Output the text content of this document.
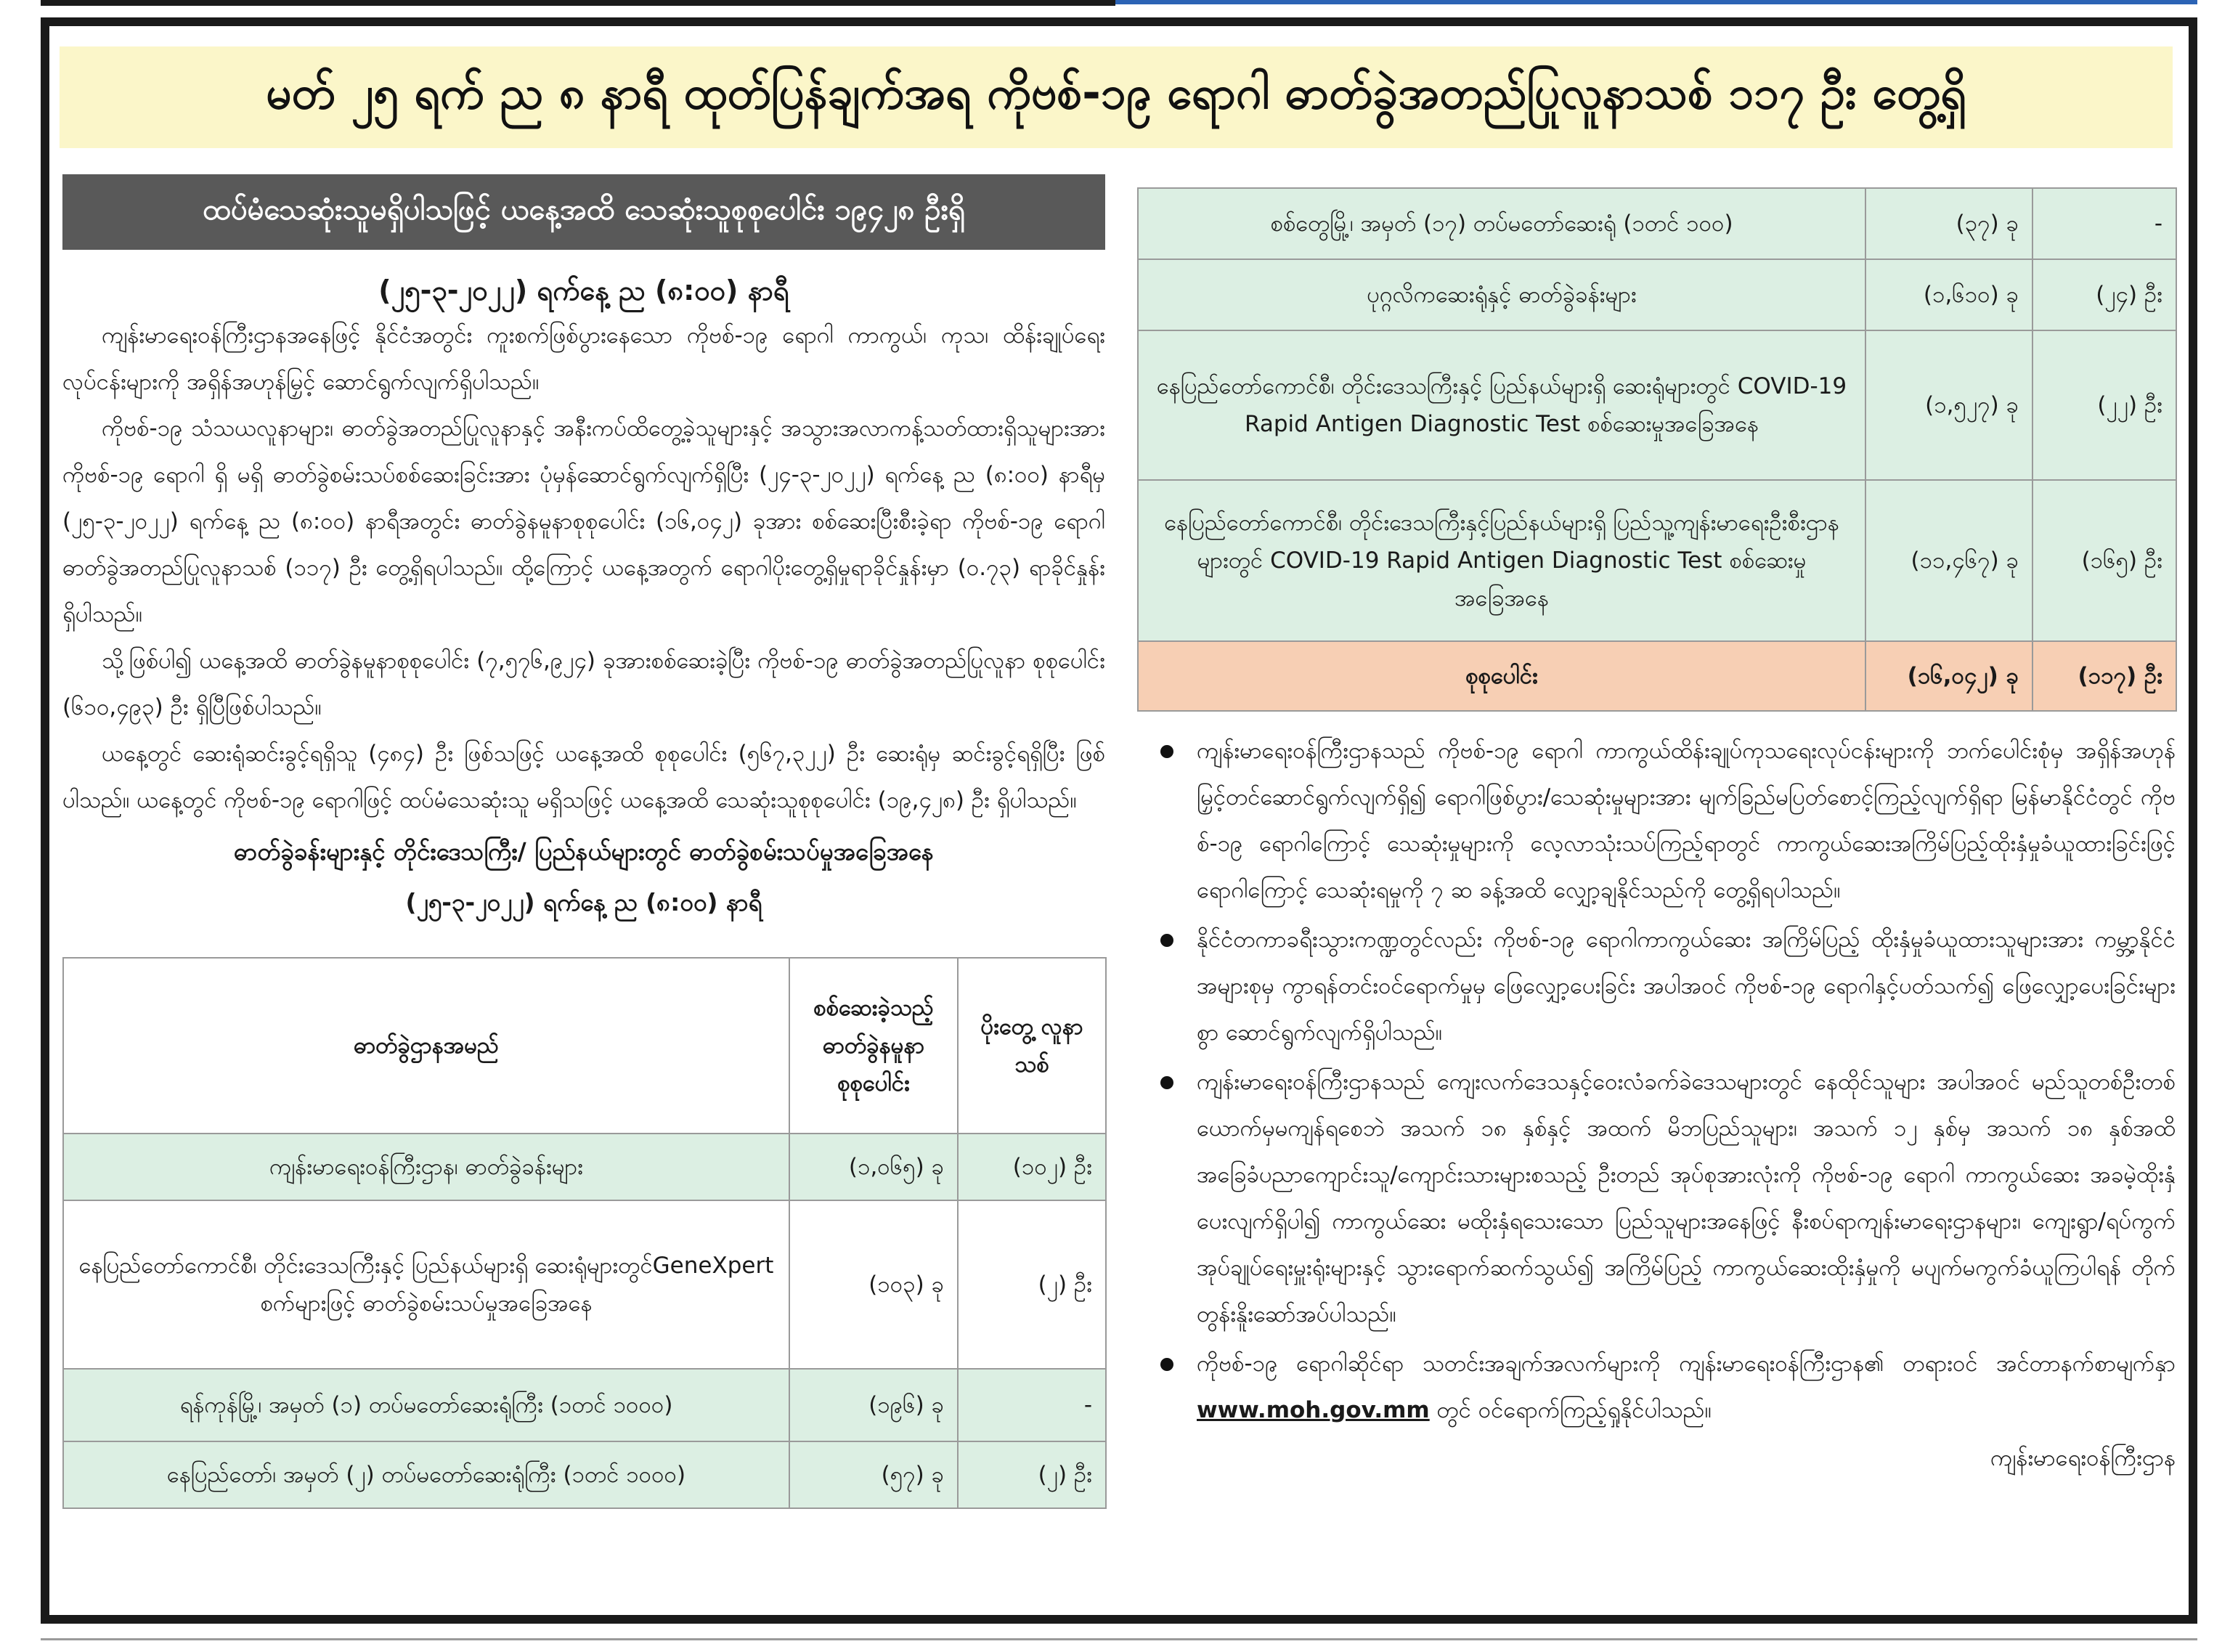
မတ် ၂၅ ရက် ည ၈ နာရီ ထုတ်ပြန်ချက်အရ ကိုဗစ်-၁၉ ရောဂါ ဓာတ်ခွဲအတည်ပြုလူနာသစ် ၁၁၇ ဦး တွေ့ရှိ
ထပ်မံသေဆုံးသူမရှိပါသဖြင့် ယနေ့အထိ သေဆုံးသူစုစုပေါင်း ၁၉၄၂၈ ဦးရှိ
(၂၅-၃-၂၀၂၂) ရက်နေ့ ည (၈:၀၀) နာရီ

ကျန်းမာရေးဝန်ကြီးဌာနအနေဖြင့် နိုင်ငံအတွင်း ကူးစက်ဖြစ်ပွားနေသော ကိုဗစ်-၁၉ ရောဂါ ကာကွယ်၊ ကုသ၊ ထိန်းချုပ်ရေးလုပ်ငန်းများကို အရှိန်အဟုန်မြှင့် ဆောင်ရွက်လျက်ရှိပါသည်။

ကိုဗစ်-၁၉ သံသယလူနာများ၊ ဓာတ်ခွဲအတည်ပြုလူနာနှင့် အနီးကပ်ထိတွေ့ခဲ့သူများနှင့် အသွားအလာကန့်သတ်ထားရှိသူများအား ကိုဗစ်-၁၉ ရောဂါ ရှိ မရှိ ဓာတ်ခွဲစမ်းသပ်စစ်ဆေးခြင်းအား ပုံမှန်ဆောင်ရွက်လျက်ရှိပြီး (၂၄-၃-၂၀၂၂) ရက်နေ့ ည (၈:၀၀) နာရီမှ (၂၅-၃-၂၀၂၂) ရက်နေ့ ည (၈:၀၀) နာရီအတွင်း ဓာတ်ခွဲနမူနာစုစုပေါင်း (၁၆,၀၄၂) ခုအား စစ်ဆေးပြီးစီးခဲ့ရာ ကိုဗစ်-၁၉ ရောဂါ ဓာတ်ခွဲအတည်ပြုလူနာသစ် (၁၁၇) ဦး တွေ့ရှိရပါသည်။ ထို့ကြောင့် ယနေ့အတွက် ရောဂါပိုးတွေ့ရှိမှုရာခိုင်နှုန်းမှာ (၀.၇၃) ရာခိုင်နှုန်း ရှိပါသည်။

သို့ဖြစ်ပါ၍ ယနေ့အထိ ဓာတ်ခွဲနမူနာစုစုပေါင်း (၇,၅၇၆,၉၂၄) ခုအားစစ်ဆေးခဲ့ပြီး ကိုဗစ်-၁၉ ဓာတ်ခွဲအတည်ပြုလူနာ စုစုပေါင်း (၆၁၀,၄၉၃) ဦး ရှိပြီဖြစ်ပါသည်။

ယနေ့တွင် ဆေးရုံဆင်းခွင့်ရရှိသူ (၄၈၄) ဦး ဖြစ်သဖြင့် ယနေ့အထိ စုစုပေါင်း (၅၆၇,၃၂၂) ဦး ဆေးရုံမှ ဆင်းခွင့်ရရှိပြီး ဖြစ်ပါသည်။ ယနေ့တွင် ကိုဗစ်-၁၉ ရောဂါဖြင့် ထပ်မံသေဆုံးသူ မရှိသဖြင့် ယနေ့အထိ သေဆုံးသူစုစုပေါင်း (၁၉,၄၂၈) ဦး ရှိပါသည်။

ဓာတ်ခွဲခန်းများနှင့် တိုင်းဒေသကြီး/ ပြည်နယ်များတွင် ဓာတ်ခွဲစမ်းသပ်မှုအခြေအနေ
(၂၅-၃-၂၀၂၂) ရက်နေ့ ည (၈:၀၀) နာရီ
ဓာတ်ခွဲဌာနအမည်	စစ်ဆေးခဲ့သည့် ဓာတ်ခွဲနမူနာ စုစုပေါင်း	ပိုးတွေ့ လူနာသစ်
ကျန်းမာရေးဝန်ကြီးဌာန၊ ဓာတ်ခွဲခန်းများ	(၁,၀၆၅) ခု	(၁၀၂) ဦး
နေပြည်တော်ကောင်စီ၊ တိုင်းဒေသကြီးနှင့် ပြည်နယ်များရှိ ဆေးရုံများတွင်GeneXpert စက်များဖြင့် ဓာတ်ခွဲစမ်းသပ်မှုအခြေအနေ	(၁၀၃) ခု	(၂) ဦး
ရန်ကုန်မြို့၊ အမှတ် (၁) တပ်မတော်ဆေးရုံကြီး (၁တင် ၁၀၀၀)	(၁၉၆) ခု	-
နေပြည်တော်၊ အမှတ် (၂) တပ်မတော်ဆေးရုံကြီး (၁တင် ၁၀၀၀)	(၅၇) ခု	(၂) ဦး
စစ်တွေမြို့၊ အမှတ် (၁၇) တပ်မတော်ဆေးရုံ (၁တင် ၁၀၀)	(၃၇) ခု	-
ပုဂ္ဂလိကဆေးရုံနှင့် ဓာတ်ခွဲခန်းများ	(၁,၆၁၀) ခု	(၂၄) ဦး
နေပြည်တော်ကောင်စီ၊ တိုင်းဒေသကြီးနှင့် ပြည်နယ်များရှိ ဆေးရုံများတွင် COVID-19 Rapid Antigen Diagnostic Test စစ်ဆေးမှုအခြေအနေ	(၁,၅၂၇) ခု	(၂၂) ဦး
နေပြည်တော်ကောင်စီ၊ တိုင်းဒေသကြီးနှင့်ပြည်နယ်များရှိ ပြည်သူ့ကျန်းမာရေးဦးစီးဌာနများတွင် COVID-19 Rapid Antigen Diagnostic Test စစ်ဆေးမှုအခြေအနေ	(၁၁,၄၆၇) ခု	(၁၆၅) ဦး
စုစုပေါင်း	(၁၆,၀၄၂) ခု	(၁၁၇) ဦး
ကျန်းမာရေးဝန်ကြီးဌာနသည် ကိုဗစ်-၁၉ ရောဂါ ကာကွယ်ထိန်းချုပ်ကုသရေးလုပ်ငန်းများကို ဘက်ပေါင်းစုံမှ အရှိန်အဟုန်မြှင့်တင်ဆောင်ရွက်လျက်ရှိ၍ ရောဂါဖြစ်ပွား/သေဆုံးမှုများအား မျက်ခြည်မပြတ်စောင့်ကြည့်လျက်ရှိရာ မြန်မာနိုင်ငံတွင် ကိုဗစ်-၁၉ ရောဂါကြောင့် သေဆုံးမှုများကို လေ့လာသုံးသပ်ကြည့်ရာတွင် ကာကွယ်ဆေးအကြိမ်ပြည့်ထိုးနှံမှုခံယူထားခြင်းဖြင့် ရောဂါကြောင့် သေဆုံးရမှုကို ၇ ဆ ခန့်အထိ လျှော့ချနိုင်သည်ကို တွေ့ရှိရပါသည်။
နိုင်ငံတကာခရီးသွားကဏ္ဍတွင်လည်း ကိုဗစ်-၁၉ ရောဂါကာကွယ်ဆေး အကြိမ်ပြည့် ထိုးနှံမှုခံယူထားသူများအား ကမ္ဘာ့နိုင်ငံအများစုမှ ကွာရန်တင်းဝင်ရောက်မှုမှ ဖြေလျှော့ပေးခြင်း အပါအဝင် ကိုဗစ်-၁၉ ရောဂါနှင့်ပတ်သက်၍ ဖြေလျှော့ပေးခြင်းများစွာ ဆောင်ရွက်လျက်ရှိပါသည်။
ကျန်းမာရေးဝန်ကြီးဌာနသည် ကျေးလက်ဒေသနှင့်ဝေးလံခက်ခဲဒေသများတွင် နေထိုင်သူများ အပါအဝင် မည်သူတစ်ဦးတစ်ယောက်မှမကျန်ရစေဘဲ အသက် ၁၈ နှစ်နှင့် အထက် မိဘပြည်သူများ၊ အသက် ၁၂ နှစ်မှ အသက် ၁၈ နှစ်အထိ အခြေခံပညာကျောင်းသူ/ကျောင်းသားများစသည့် ဦးတည် အုပ်စုအားလုံးကို ကိုဗစ်-၁၉ ရောဂါ ကာကွယ်ဆေး အခမဲ့ထိုးနှံပေးလျက်ရှိပါ၍ ကာကွယ်ဆေး မထိုးနှံရသေးသော ပြည်သူများအနေဖြင့် နီးစပ်ရာကျန်းမာရေးဌာနများ၊ ကျေးရွာ/ရပ်ကွက် အုပ်ချုပ်ရေးမှူးရုံးများနှင့် သွားရောက်ဆက်သွယ်၍ အကြိမ်ပြည့် ကာကွယ်ဆေးထိုးနှံမှုကို မပျက်မကွက်ခံယူကြပါရန် တိုက်တွန်းနိူးဆော်အပ်ပါသည်။
ကိုဗစ်-၁၉ ရောဂါဆိုင်ရာ သတင်းအချက်အလက်များကို ကျန်းမာရေးဝန်ကြီးဌာန၏ တရားဝင် အင်တာနက်စာမျက်နှာ www.moh.gov.mm တွင် ဝင်ရောက်ကြည့်ရှုနိုင်ပါသည်။
ကျန်းမာရေးဝန်ကြီးဌာန
